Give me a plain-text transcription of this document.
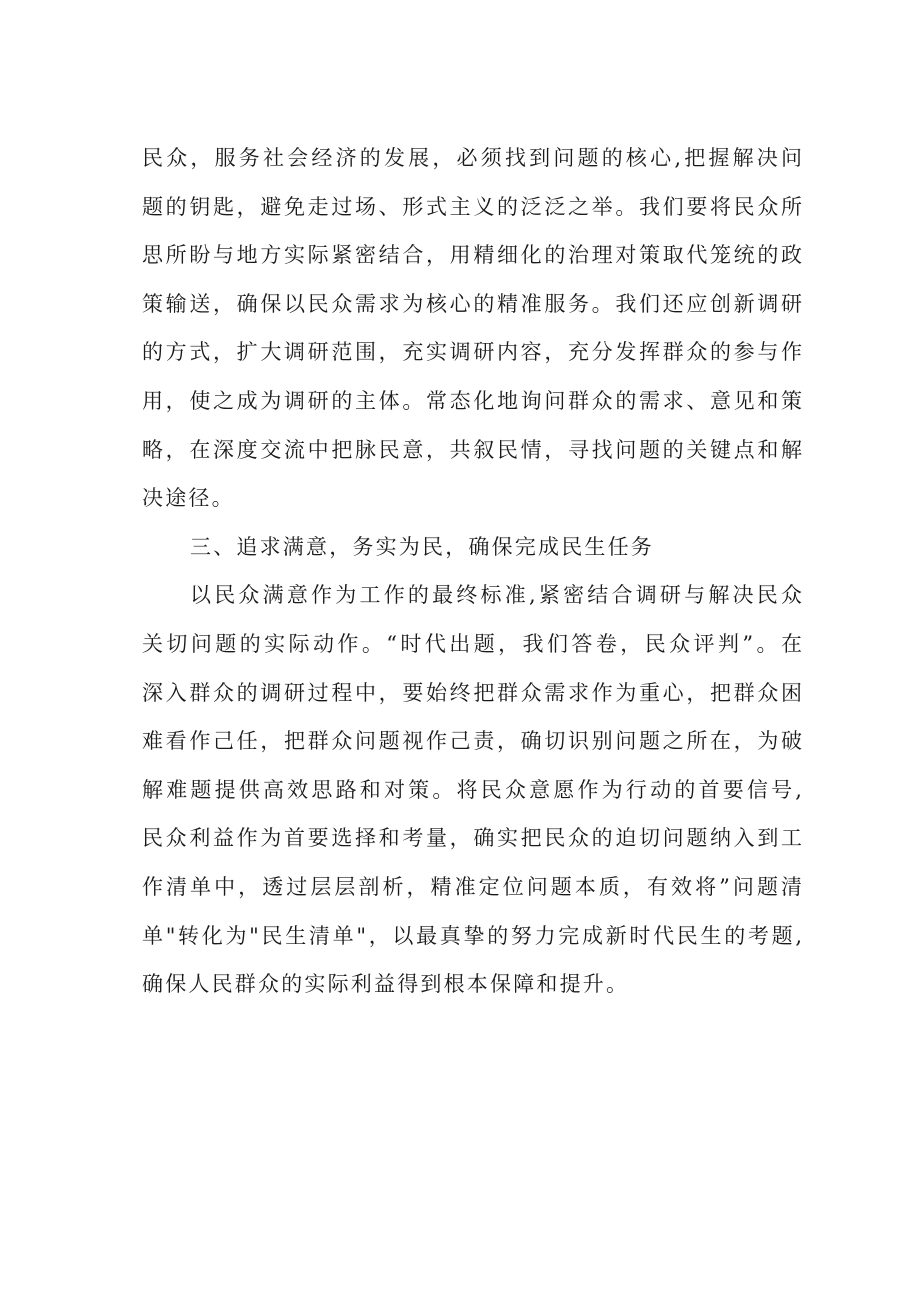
民众，服务社会经济的发展，必须找到问题的核心,把握解决问
题的钥匙，避免走过场、形式主义的泛泛之举。我们要将民众所
思所盼与地方实际紧密结合，用精细化的治理对策取代笼统的政
策输送，确保以民众需求为核心的精准服务。我们还应创新调研
的方式，扩大调研范围，充实调研内容，充分发挥群众的参与作
用，使之成为调研的主体。常态化地询问群众的需求、意见和策
略，在深度交流中把脉民意，共叙民情，寻找问题的关键点和解
决途径。
三、追求满意，务实为民，确保完成民生任务
以民众满意作为工作的最终标准,紧密结合调研与解决民众
关切问题的实际动作。“时代出题，我们答卷，民众评判”。在
深入群众的调研过程中，要始终把群众需求作为重心，把群众困
难看作己任，把群众问题视作己责，确切识别问题之所在，为破
解难题提供高效思路和对策。将民众意愿作为行动的首要信号,
民众利益作为首要选择和考量，确实把民众的迫切问题纳入到工
作清单中，透过层层剖析，精准定位问题本质，有效将”问题清
单"转化为"民生清单"，以最真挚的努力完成新时代民生的考题,
确保人民群众的实际利益得到根本保障和提升。
